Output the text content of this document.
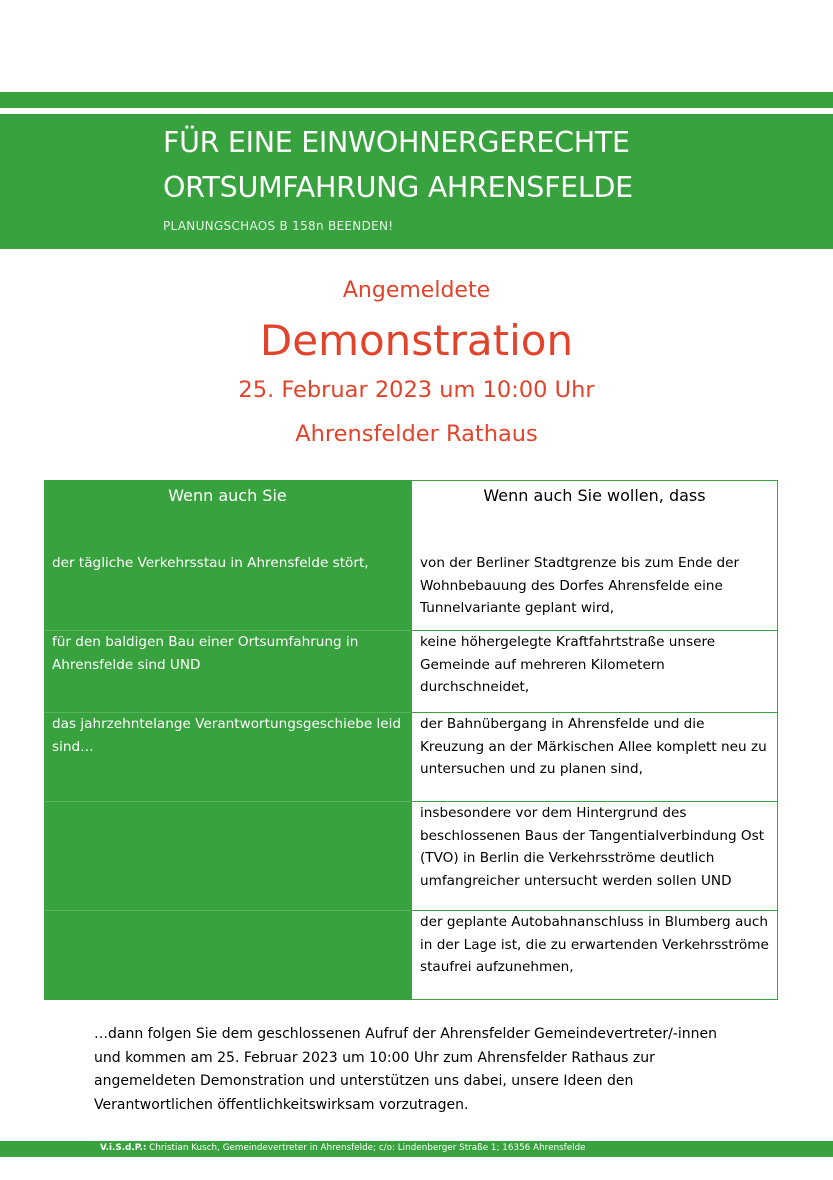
FÜR EINE EINWOHNERGERECHTE
ORTSUMFAHRUNG AHRENSFELDE
PLANUNGSCHAOS B 158n BEENDEN!
Angemeldete
Demonstration
25. Februar 2023 um 10:00 Uhr
Ahrensfelder Rathaus
Wenn auch Sie	Wenn auch Sie wollen, dass
der tägliche Verkehrsstau in Ahrensfelde stört,
für den baldigen Bau einer Ortsumfahrung in Ahrensfelde sind UND
das jahrzehntelange Verantwortungsgeschiebe leid sind…
von der Berliner Stadtgrenze bis zum Ende der Wohnbebauung des Dorfes Ahrensfelde eine Tunnelvariante geplant wird,
keine höhergelegte Kraftfahrtstraße unsere Gemeinde auf mehreren Kilometern durchschneidet,
der Bahnübergang in Ahrensfelde und die Kreuzung an der Märkischen Allee komplett neu zu untersuchen und zu planen sind,
insbesondere vor dem Hintergrund des beschlossenen Baus der Tangentialverbindung Ost (TVO) in Berlin die Verkehrsströme deutlich umfangreicher untersucht werden sollen UND
der geplante Autobahnanschluss in Blumberg auch in der Lage ist, die zu erwartenden Verkehrsströme staufrei aufzunehmen,
…dann folgen Sie dem geschlossenen Aufruf der Ahrensfelder Gemeindevertreter/-innen und kommen am 25. Februar 2023 um 10:00 Uhr zum Ahrensfelder Rathaus zur angemeldeten Demonstration und unterstützen uns dabei, unsere Ideen den Verantwortlichen öffentlichkeitswirksam vorzutragen.
V.i.S.d.P.: Christian Kusch, Gemeindevertreter in Ahrensfelde; c/o: Lindenberger Straße 1; 16356 Ahrensfelde
